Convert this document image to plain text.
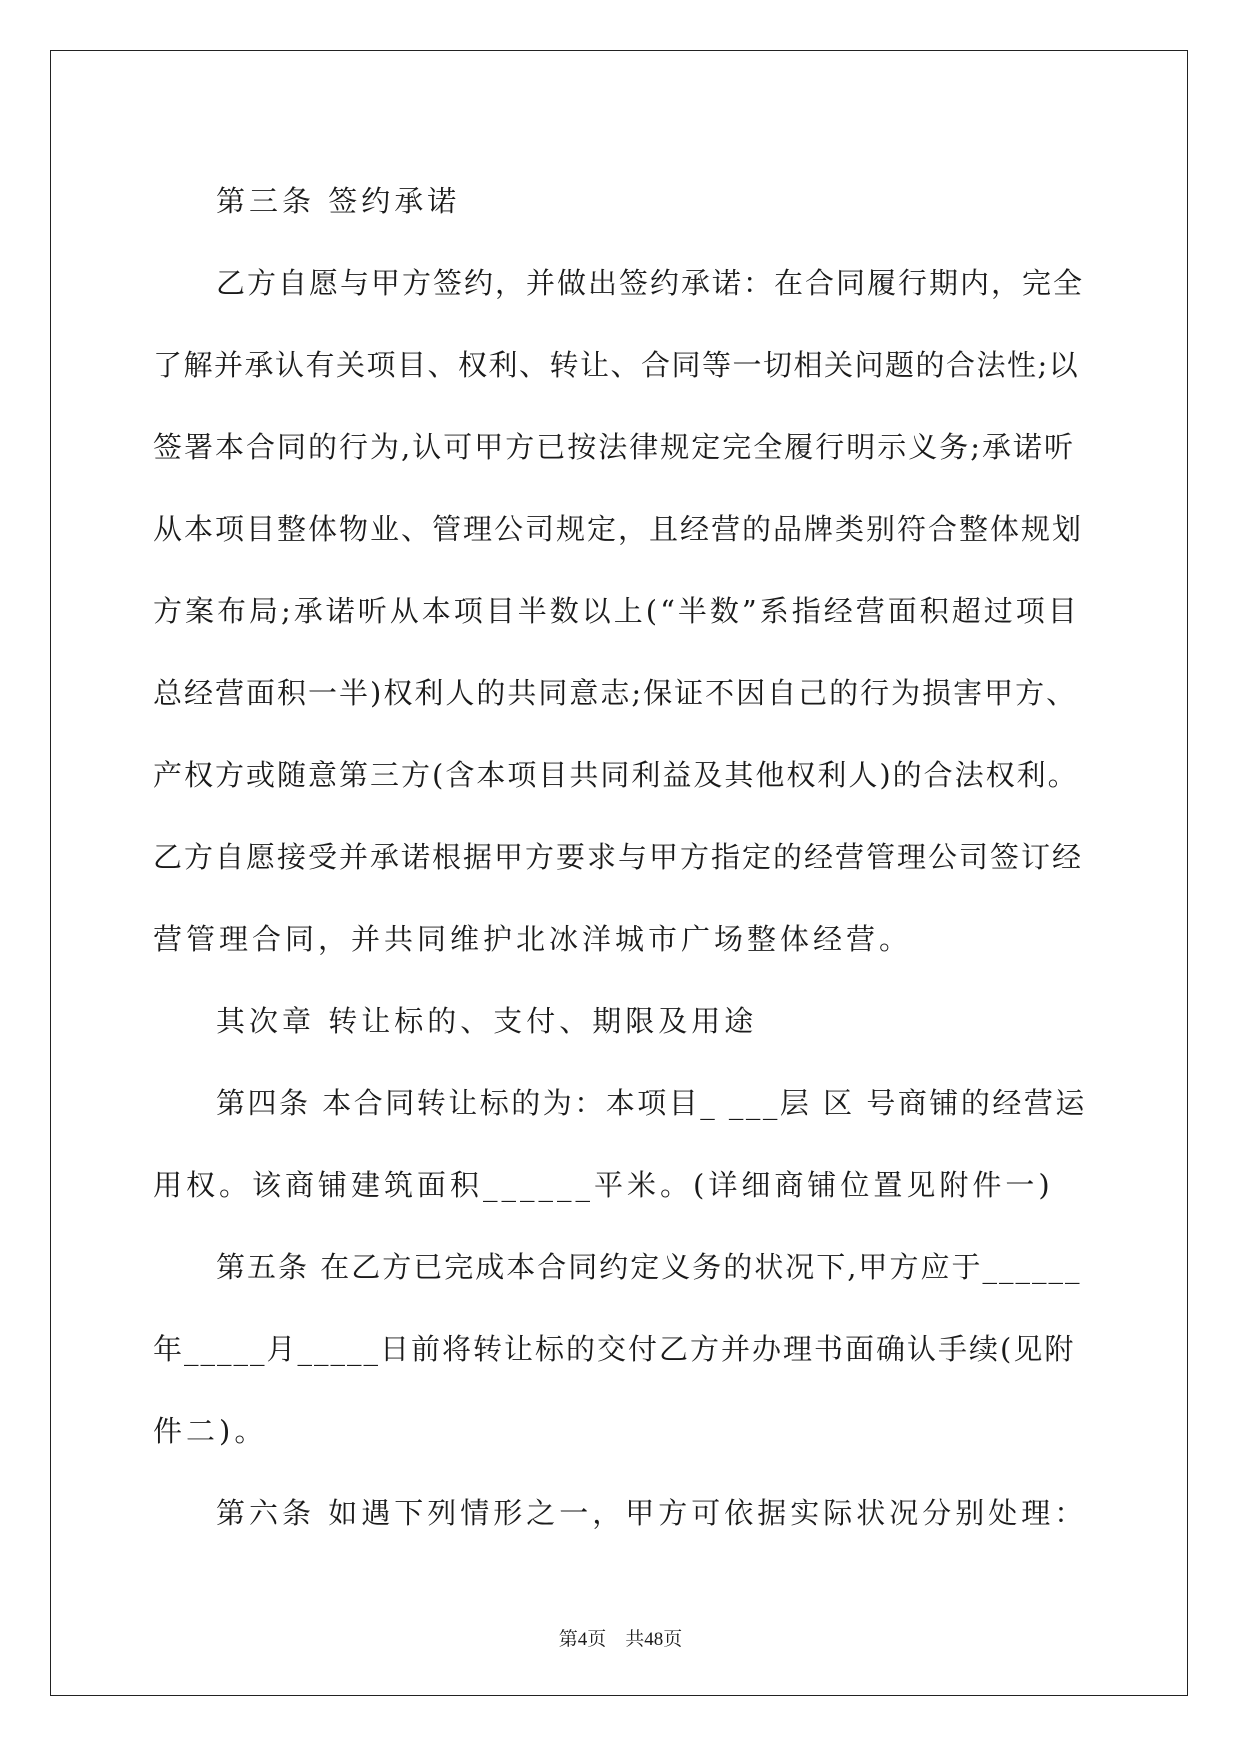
第三条 签约承诺
乙方自愿与甲方签约，并做出签约承诺：在合同履行期内，完全
了解并承认有关项目、权利、转让、合同等一切相关问题的合法性;以
签署本合同的行为,认可甲方已按法律规定完全履行明示义务;承诺听
从本项目整体物业、管理公司规定，且经营的品牌类别符合整体规划
方案布局;承诺听从本项目半数以上(“半数”系指经营面积超过项目
总经营面积一半)权利人的共同意志;保证不因自己的行为损害甲方、
产权方或随意第三方(含本项目共同利益及其他权利人)的合法权利。
乙方自愿接受并承诺根据甲方要求与甲方指定的经营管理公司签订经
营管理合同，并共同维护北冰洋城市广场整体经营。
其次章 转让标的、支付、期限及用途
第四条 本合同转让标的为：本项目_ ___层 区 号商铺的经营运
用权。该商铺建筑面积______平米。(详细商铺位置见附件一)
第五条 在乙方已完成本合同约定义务的状况下,甲方应于______
年_____月_____日前将转让标的交付乙方并办理书面确认手续(见附
件二)。
第六条 如遇下列情形之一，甲方可依据实际状况分别处理：
第4页　共48页
